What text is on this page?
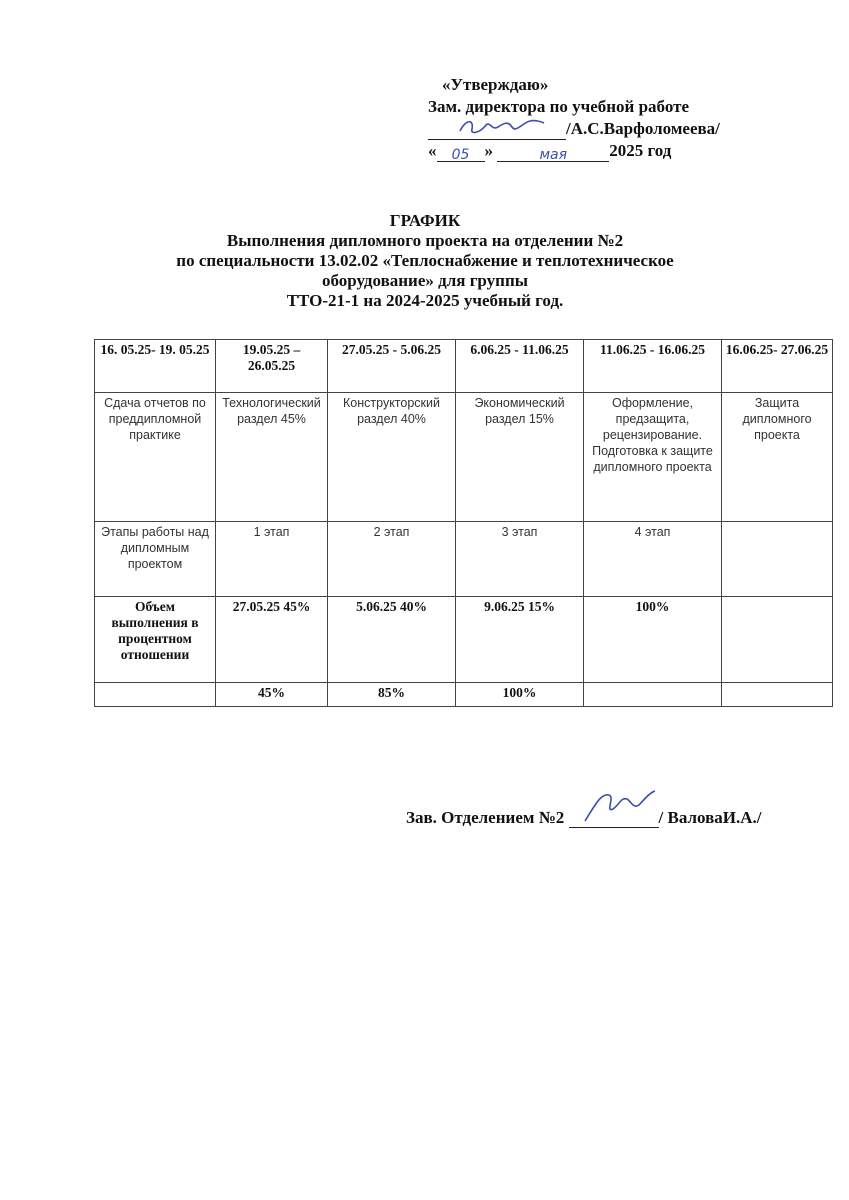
«Утверждаю»
Зам. директора по учебной работе
/А.С.Варфоломеева/
« 05 »	мая 2025 год
ГРАФИК
Выполнения дипломного проекта на отделении №2
по специальности 13.02.02 «Теплоснабжение и теплотехническое
оборудование» для группы
ТТО-21-1 на 2024-2025 учебный год.
16. 05.25- 19. 05.25	19.05.25 – 26.05.25	27.05.25 - 5.06.25	6.06.25 - 11.06.25	11.06.25 - 16.06.25	16.06.25- 27.06.25
Сдача отчетов по преддипломной практике	Технологический раздел 45%	Конструкторский раздел 40%	Экономический раздел 15%	Оформление, предзащита, рецензирование. Подготовка к защите дипломного проекта	Защита дипломного проекта
Этапы работы над дипломным проектом	1 этап	2 этап	3 этап	4 этап	
Объем выполнения в процентном отношении	27.05.25 45%	5.06.25 40%	9.06.25 15%	100%	
	45%	85%	100%		
Зав. Отделением №2	/ ВаловаИ.А./
